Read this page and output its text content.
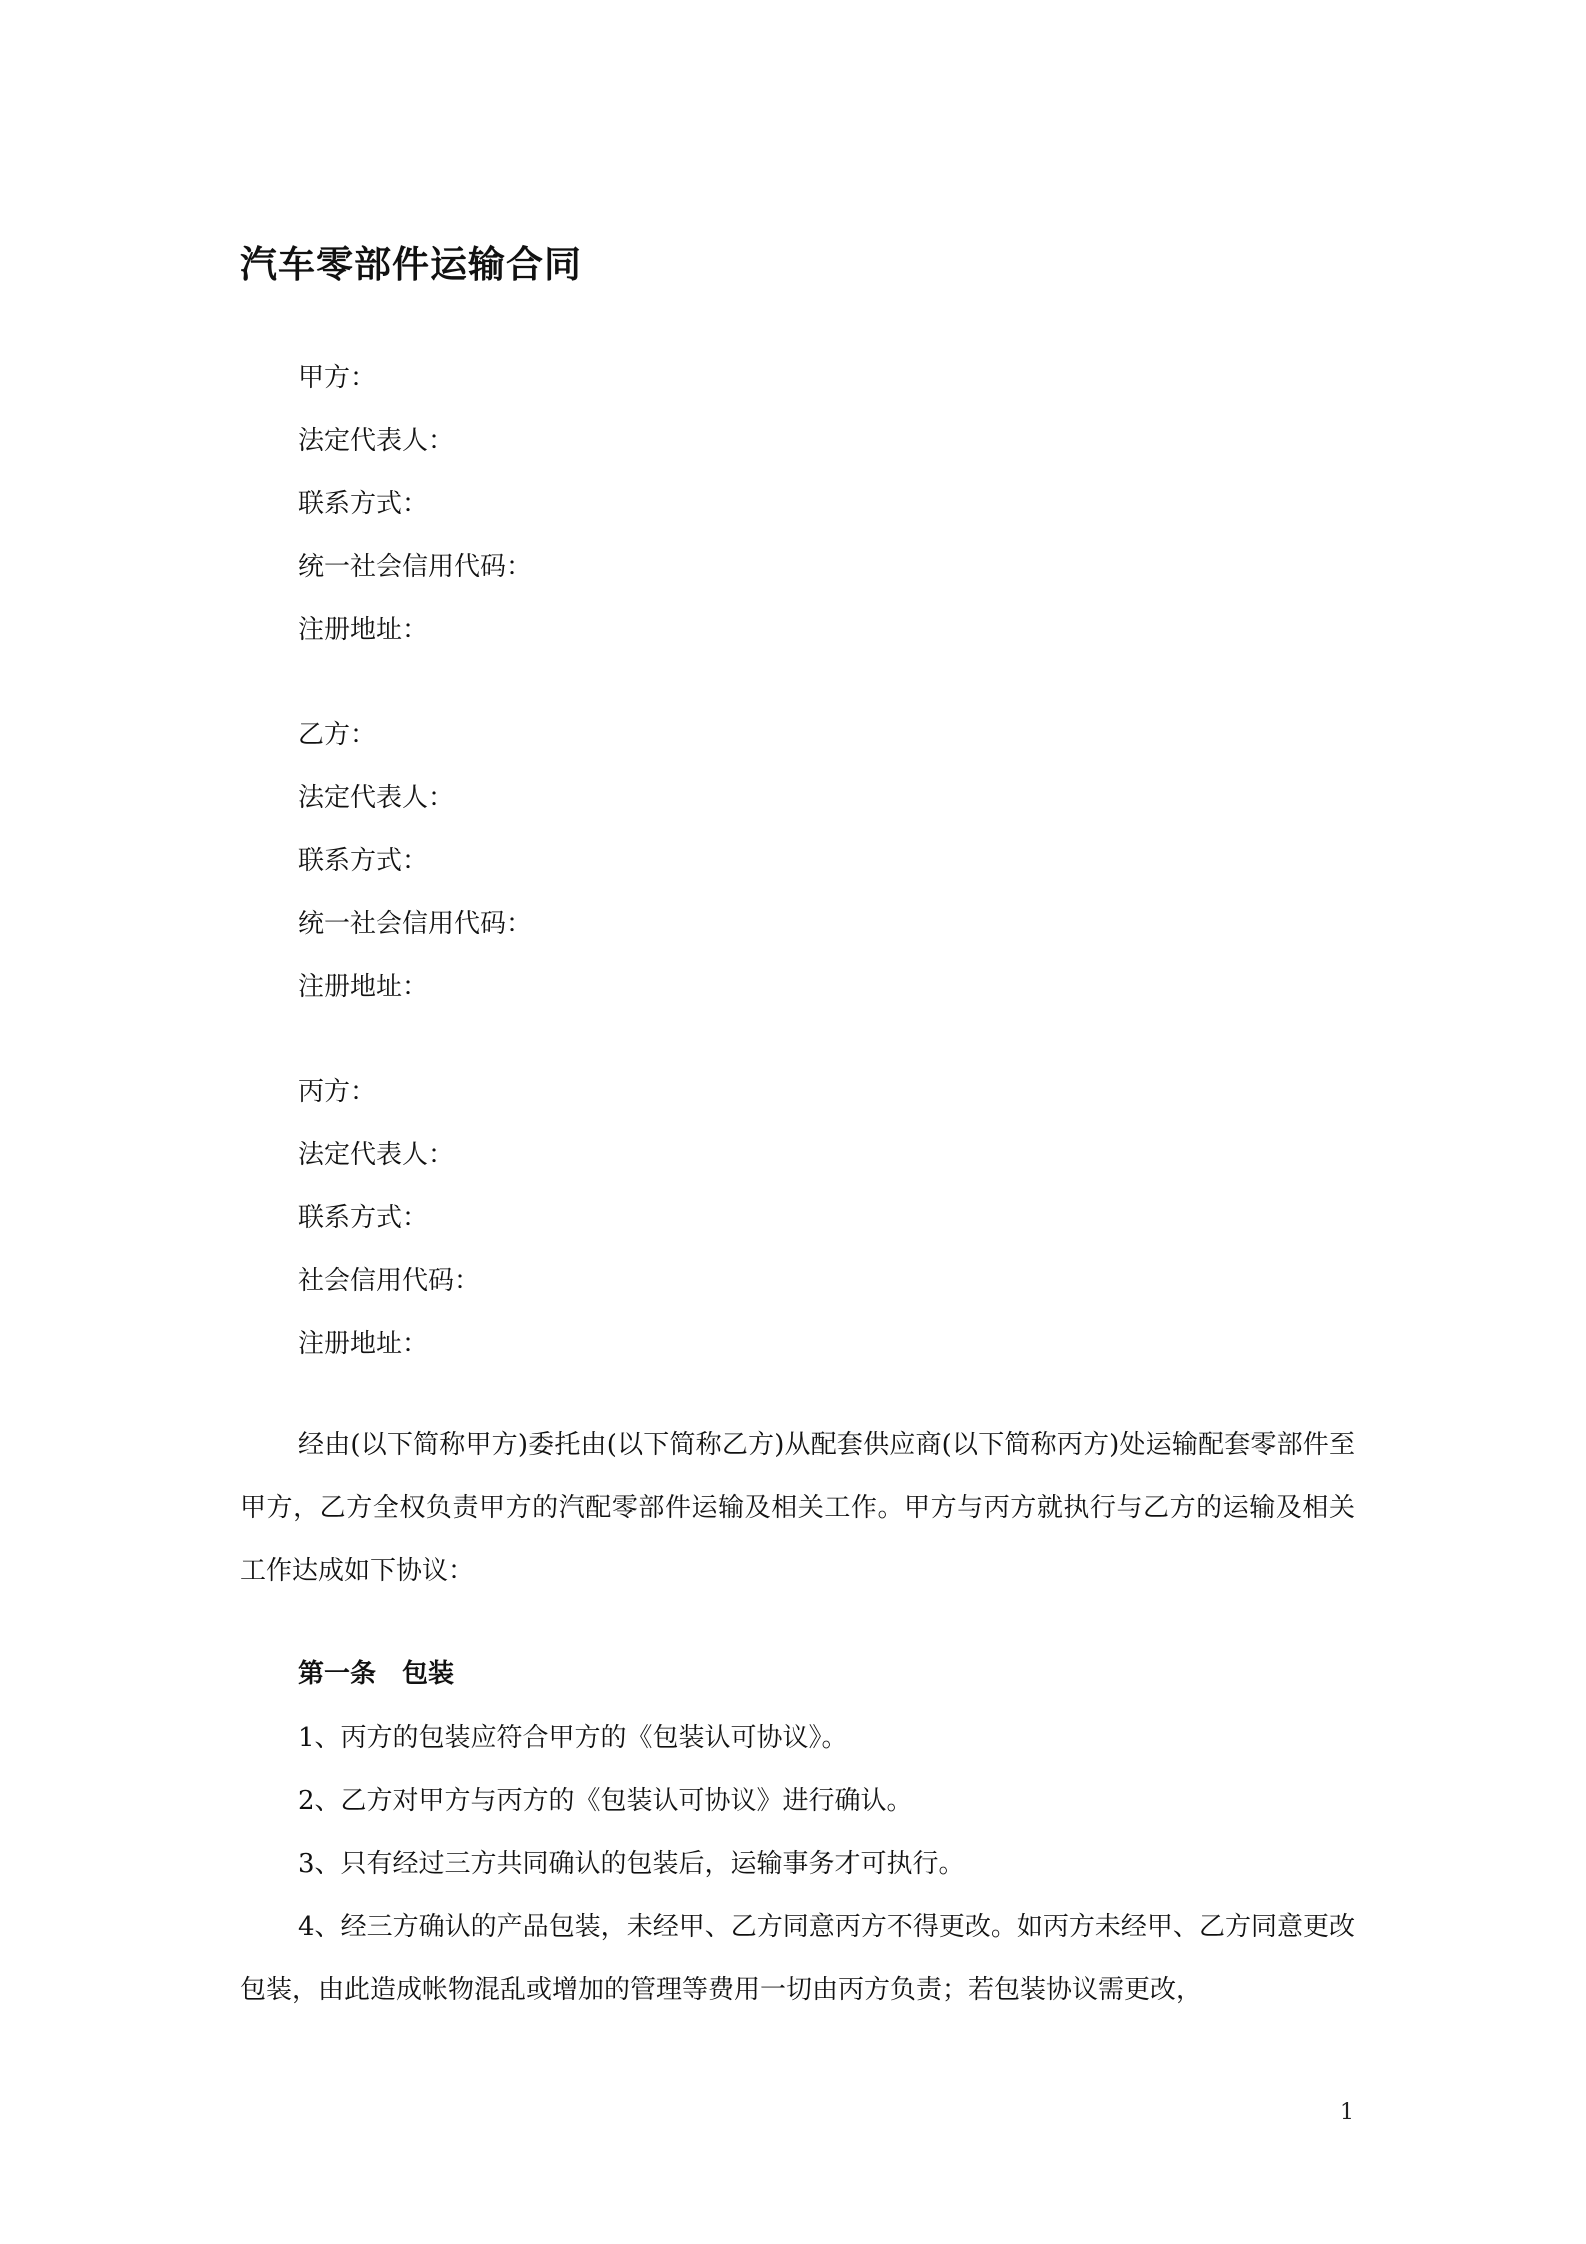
汽车零部件运输合同
甲方：
法定代表人：
联系方式：
统一社会信用代码：
注册地址：
乙方：
法定代表人：
联系方式：
统一社会信用代码：
注册地址：
丙方：
法定代表人：
联系方式：
社会信用代码：
注册地址：

经由(以下简称甲方)委托由(以下简称乙方)从配套供应商(以下简称丙方)处运输配套零部件至甲方，乙方全权负责甲方的汽配零部件运输及相关工作。甲方与丙方就执行与乙方的运输及相关工作达成如下协议：

第一条　包装

1、丙方的包装应符合甲方的《包装认可协议》。

2、乙方对甲方与丙方的《包装认可协议》进行确认。

3、只有经过三方共同确认的包装后，运输事务才可执行。

4、经三方确认的产品包装，未经甲、乙方同意丙方不得更改。如丙方未经甲、乙方同意更改包装，由此造成帐物混乱或增加的管理等费用一切由丙方负责；若包装协议需更改，

1
